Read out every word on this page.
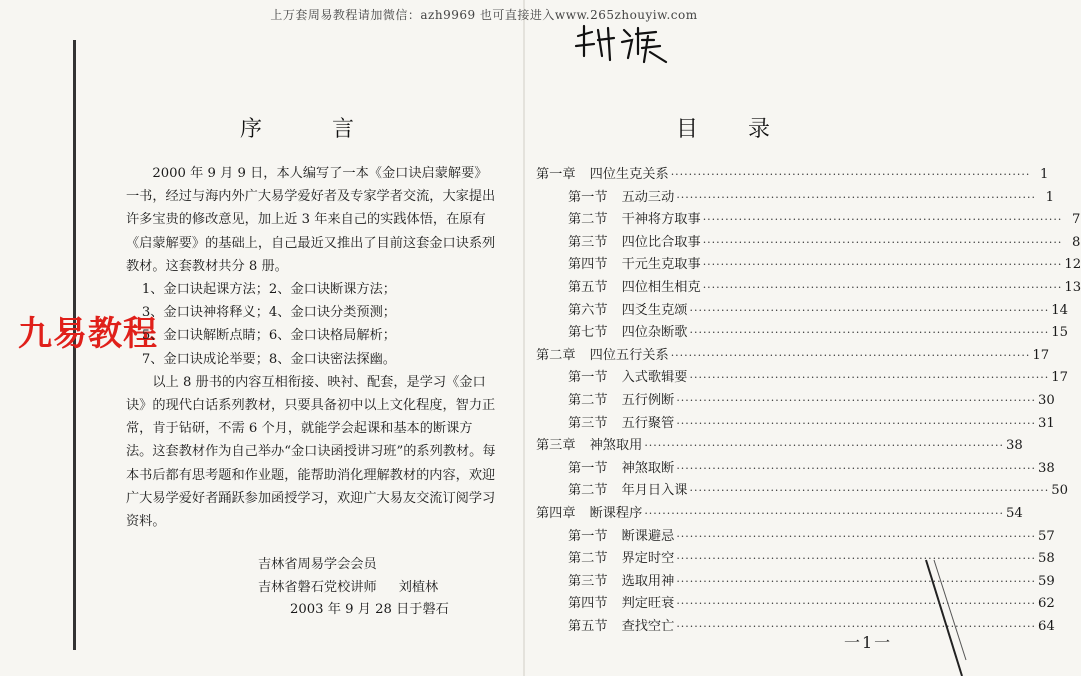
上万套周易教程请加微信：azh9969 也可直接进入www.265zhouyiw.com
九易教程
序言

2000 年 9 月 9 日，本人编写了一本《金口诀启蒙解要》一书，经过与海内外广大易学爱好者及专家学者交流，大家提出许多宝贵的修改意见，加上近 3 年来自己的实践体悟，在原有《启蒙解要》的基础上，自己最近又推出了目前这套金口诀系列教材。这套教材共分 8 册。

1、金口诀起课方法；2、金口诀断课方法；

3、金口诀神将释义；4、金口诀分类预测；

5、金口诀解断点睛；6、金口诀格局解析；

7、金口诀成论举要；8、金口诀密法探幽。

以上 8 册书的内容互相衔接、映衬、配套，是学习《金口诀》的现代白话系列教材，只要具备初中以上文化程度，智力正常，肯于钻研，不需 6 个月，就能学会起课和基本的断课方法。这套教材作为自己举办“金口诀函授讲习班”的系列教材。每本书后都有思考题和作业题，能帮助消化理解教材的内容，欢迎广大易学爱好者踊跃参加函授学习，欢迎广大易友交流订阅学习资料。

吉林省周易学会会员
吉林省磐石党校讲师 刘植林
2003 年 9 月 28 日于磐石
目录
第一章 四位生克关系 ················································································ 1
第一节 五动三动 ················································································ 1
第二节 干神将方取事 ················································································ 7
第三节 四位比合取事 ················································································ 8
第四节 干元生克取事 ················································································ 12
第五节 四位相生相克 ················································································ 13
第六节 四爻生克颂 ················································································ 14
第七节 四位杂断歌 ················································································ 15
第二章 四位五行关系 ················································································ 17
第一节 入式歌辑要 ················································································ 17
第二节 五行例断 ················································································ 30
第三节 五行聚管 ················································································ 31
第三章 神煞取用 ················································································ 38
第一节 神煞取断 ················································································ 38
第二节 年月日入课 ················································································ 50
第四章 断课程序 ················································································ 54
第一节 断课避忌 ················································································ 57
第二节 界定时空 ················································································ 58
第三节 选取用神 ················································································ 59
第四节 判定旺衰 ················································································ 62
第五节 查找空亡 ················································································ 64
一1一
